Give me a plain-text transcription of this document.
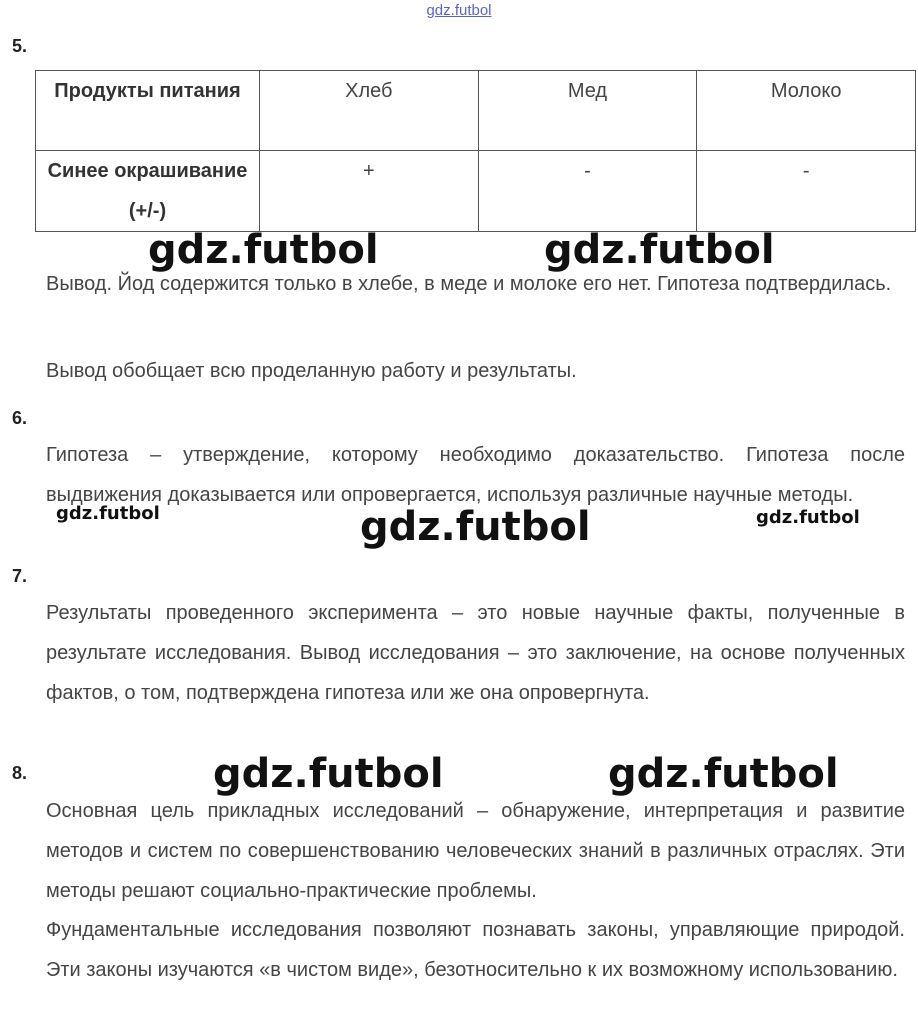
gdz.futbol
5.
Продукты питания	Хлеб	Мед	Молоко
Синее окрашивание (+/-)	+	-	-

Вывод. Йод содержится только в хлебе, в меде и молоке его нет. Гипотеза подтвердилась.

Вывод обобщает всю проделанную работу и результаты.

6.

Гипотеза – утверждение, которому необходимо доказательство. Гипотеза после выдвижения доказывается или опровергается, используя различные научные методы.

7.

Результаты проведенного эксперимента – это новые научные факты, полученные в результате исследования. Вывод исследования – это заключение, на основе полученных фактов, о том, подтверждена гипотеза или же она опровергнута.

8.

Основная цель прикладных исследований – обнаружение, интерпретация и развитие методов и систем по совершенствованию человеческих знаний в различных отраслях. Эти методы решают социально-практические проблемы.

Фундаментальные исследования позволяют познавать законы, управляющие природой. Эти законы изучаются «в чистом виде», безотносительно к их возможному использованию.

gdz.futbol	gdz.futbol
gdz.futbol	gdz.futbol	gdz.futbol
gdz.futbol	gdz.futbol
